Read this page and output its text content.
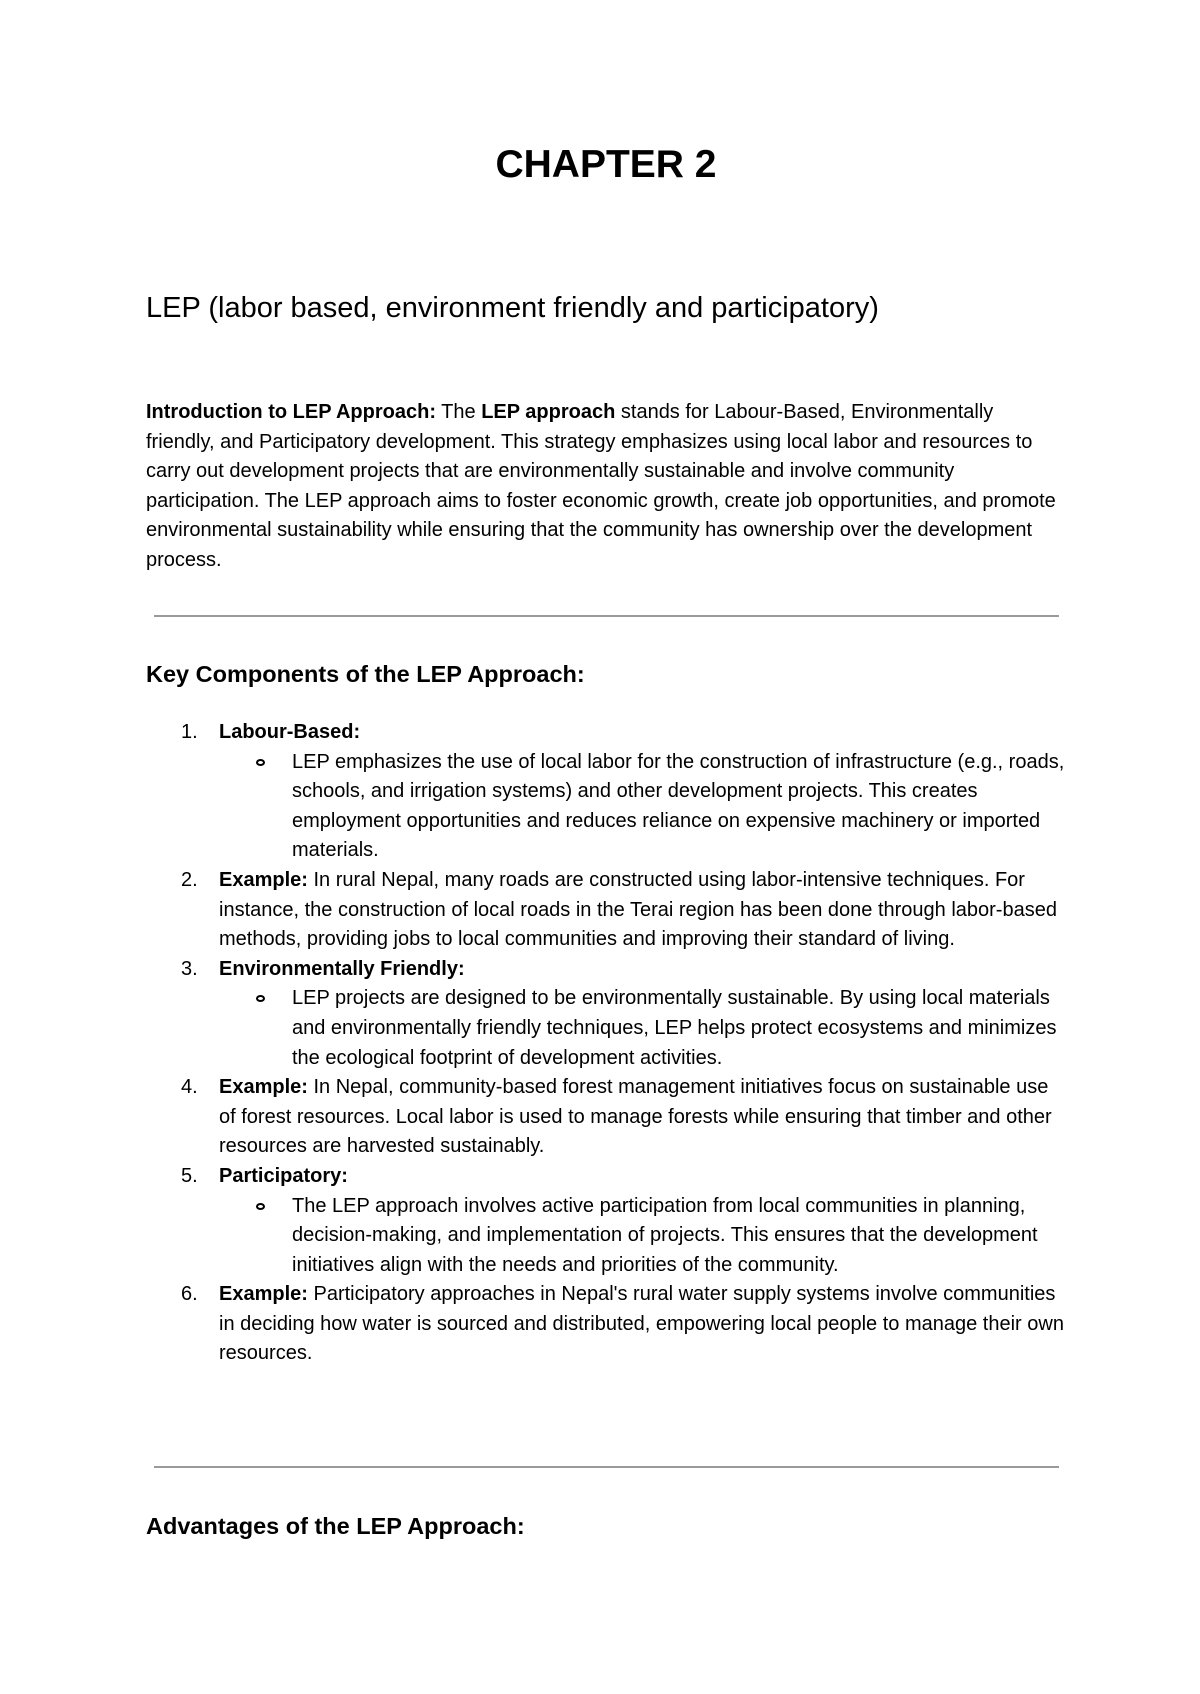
CHAPTER 2
LEP (labor based, environment friendly and participatory)

Introduction to LEP Approach: The LEP approach stands for Labour-Based, Environmentally friendly, and Participatory development. This strategy emphasizes using local labor and resources to carry out development projects that are environmentally sustainable and involve community participation. The LEP approach aims to foster economic growth, create job opportunities, and promote environmental sustainability while ensuring that the community has ownership over the development process.

Key Components of the LEP Approach:
1.	Labour-Based:
LEP emphasizes the use of local labor for the construction of infrastructure (e.g., roads, schools, and irrigation systems) and other development projects. This creates employment opportunities and reduces reliance on expensive machinery or imported materials.
2.	Example: In rural Nepal, many roads are constructed using labor-intensive techniques. For instance, the construction of local roads in the Terai region has been done through labor-based methods, providing jobs to local communities and improving their standard of living.
3.	Environmentally Friendly:
LEP projects are designed to be environmentally sustainable. By using local materials and environmentally friendly techniques, LEP helps protect ecosystems and minimizes the ecological footprint of development activities.
4.	Example: In Nepal, community-based forest management initiatives focus on sustainable use of forest resources. Local labor is used to manage forests while ensuring that timber and other resources are harvested sustainably.
5.	Participatory:
The LEP approach involves active participation from local communities in planning, decision-making, and implementation of projects. This ensures that the development initiatives align with the needs and priorities of the community.
6.	Example: Participatory approaches in Nepal's rural water supply systems involve communities in deciding how water is sourced and distributed, empowering local people to manage their own resources.
Advantages of the LEP Approach:
